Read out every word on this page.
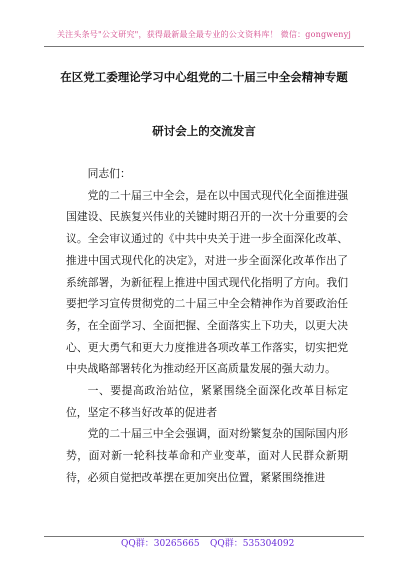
关注头条号"公文研究"，获得最新最全最专业的公文资料库！ 微信：gongwenyj
在区党工委理论学习中心组党的二十届三中全会精神专题
研讨会上的交流发言

同志们：

党的二十届三中全会，是在以中国式现代化全面推进强国建设、民族复兴伟业的关键时期召开的一次十分重要的会议。全会审议通过的《中共中央关于进一步全面深化改革、推进中国式现代化的决定》，对进一步全面深化改革作出了系统部署，为新征程上推进中国式现代化指明了方向。我们要把学习宣传贯彻党的二十届三中全会精神作为首要政治任务，在全面学习、全面把握、全面落实上下功夫，以更大决心、更大勇气和更大力度推进各项改革工作落实，切实把党中央战略部署转化为推动经开区高质量发展的强大动力。

一、要提高政治站位，紧紧围绕全面深化改革目标定位，坚定不移当好改革的促进者

党的二十届三中全会强调，面对纷繁复杂的国际国内形势，面对新一轮科技革命和产业变革，面对人民群众新期待，必须自觉把改革摆在更加突出位置，紧紧围绕推进

QQ群：30265665 QQ群：535304092
